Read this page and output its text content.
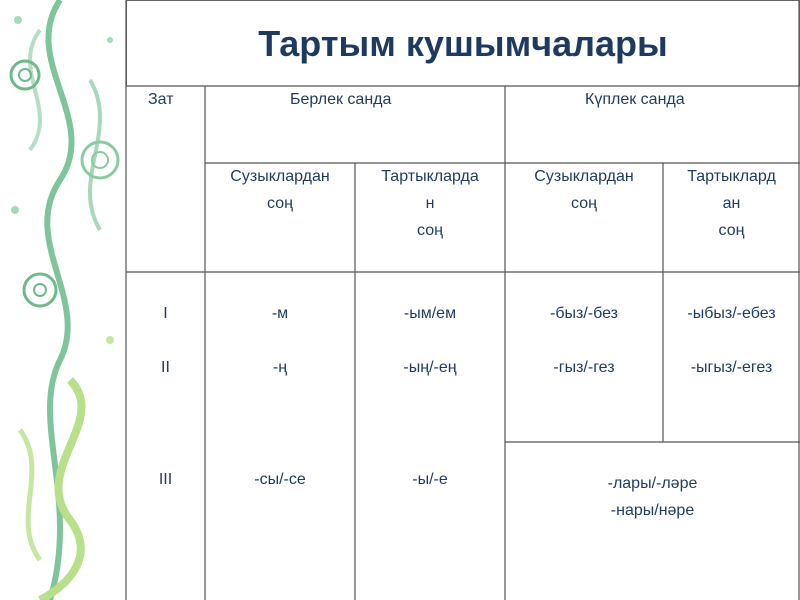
Тартым кушымчалары
Зат	Берлек санда	Күплек санда
Сузыклардан
соң
Тартыклардa
н
соң
Сузыклардан
соң
Тартыклард
ан
соң
I
II
III
-м
-ң
-сы/-се
-ым/ем
-ың/-ең
-ы/-е
-быз/-без
-гыз/-гез
-ыбыз/-ебез
-ыгыз/-егез
-лары/-ләре
-нары/нәре
